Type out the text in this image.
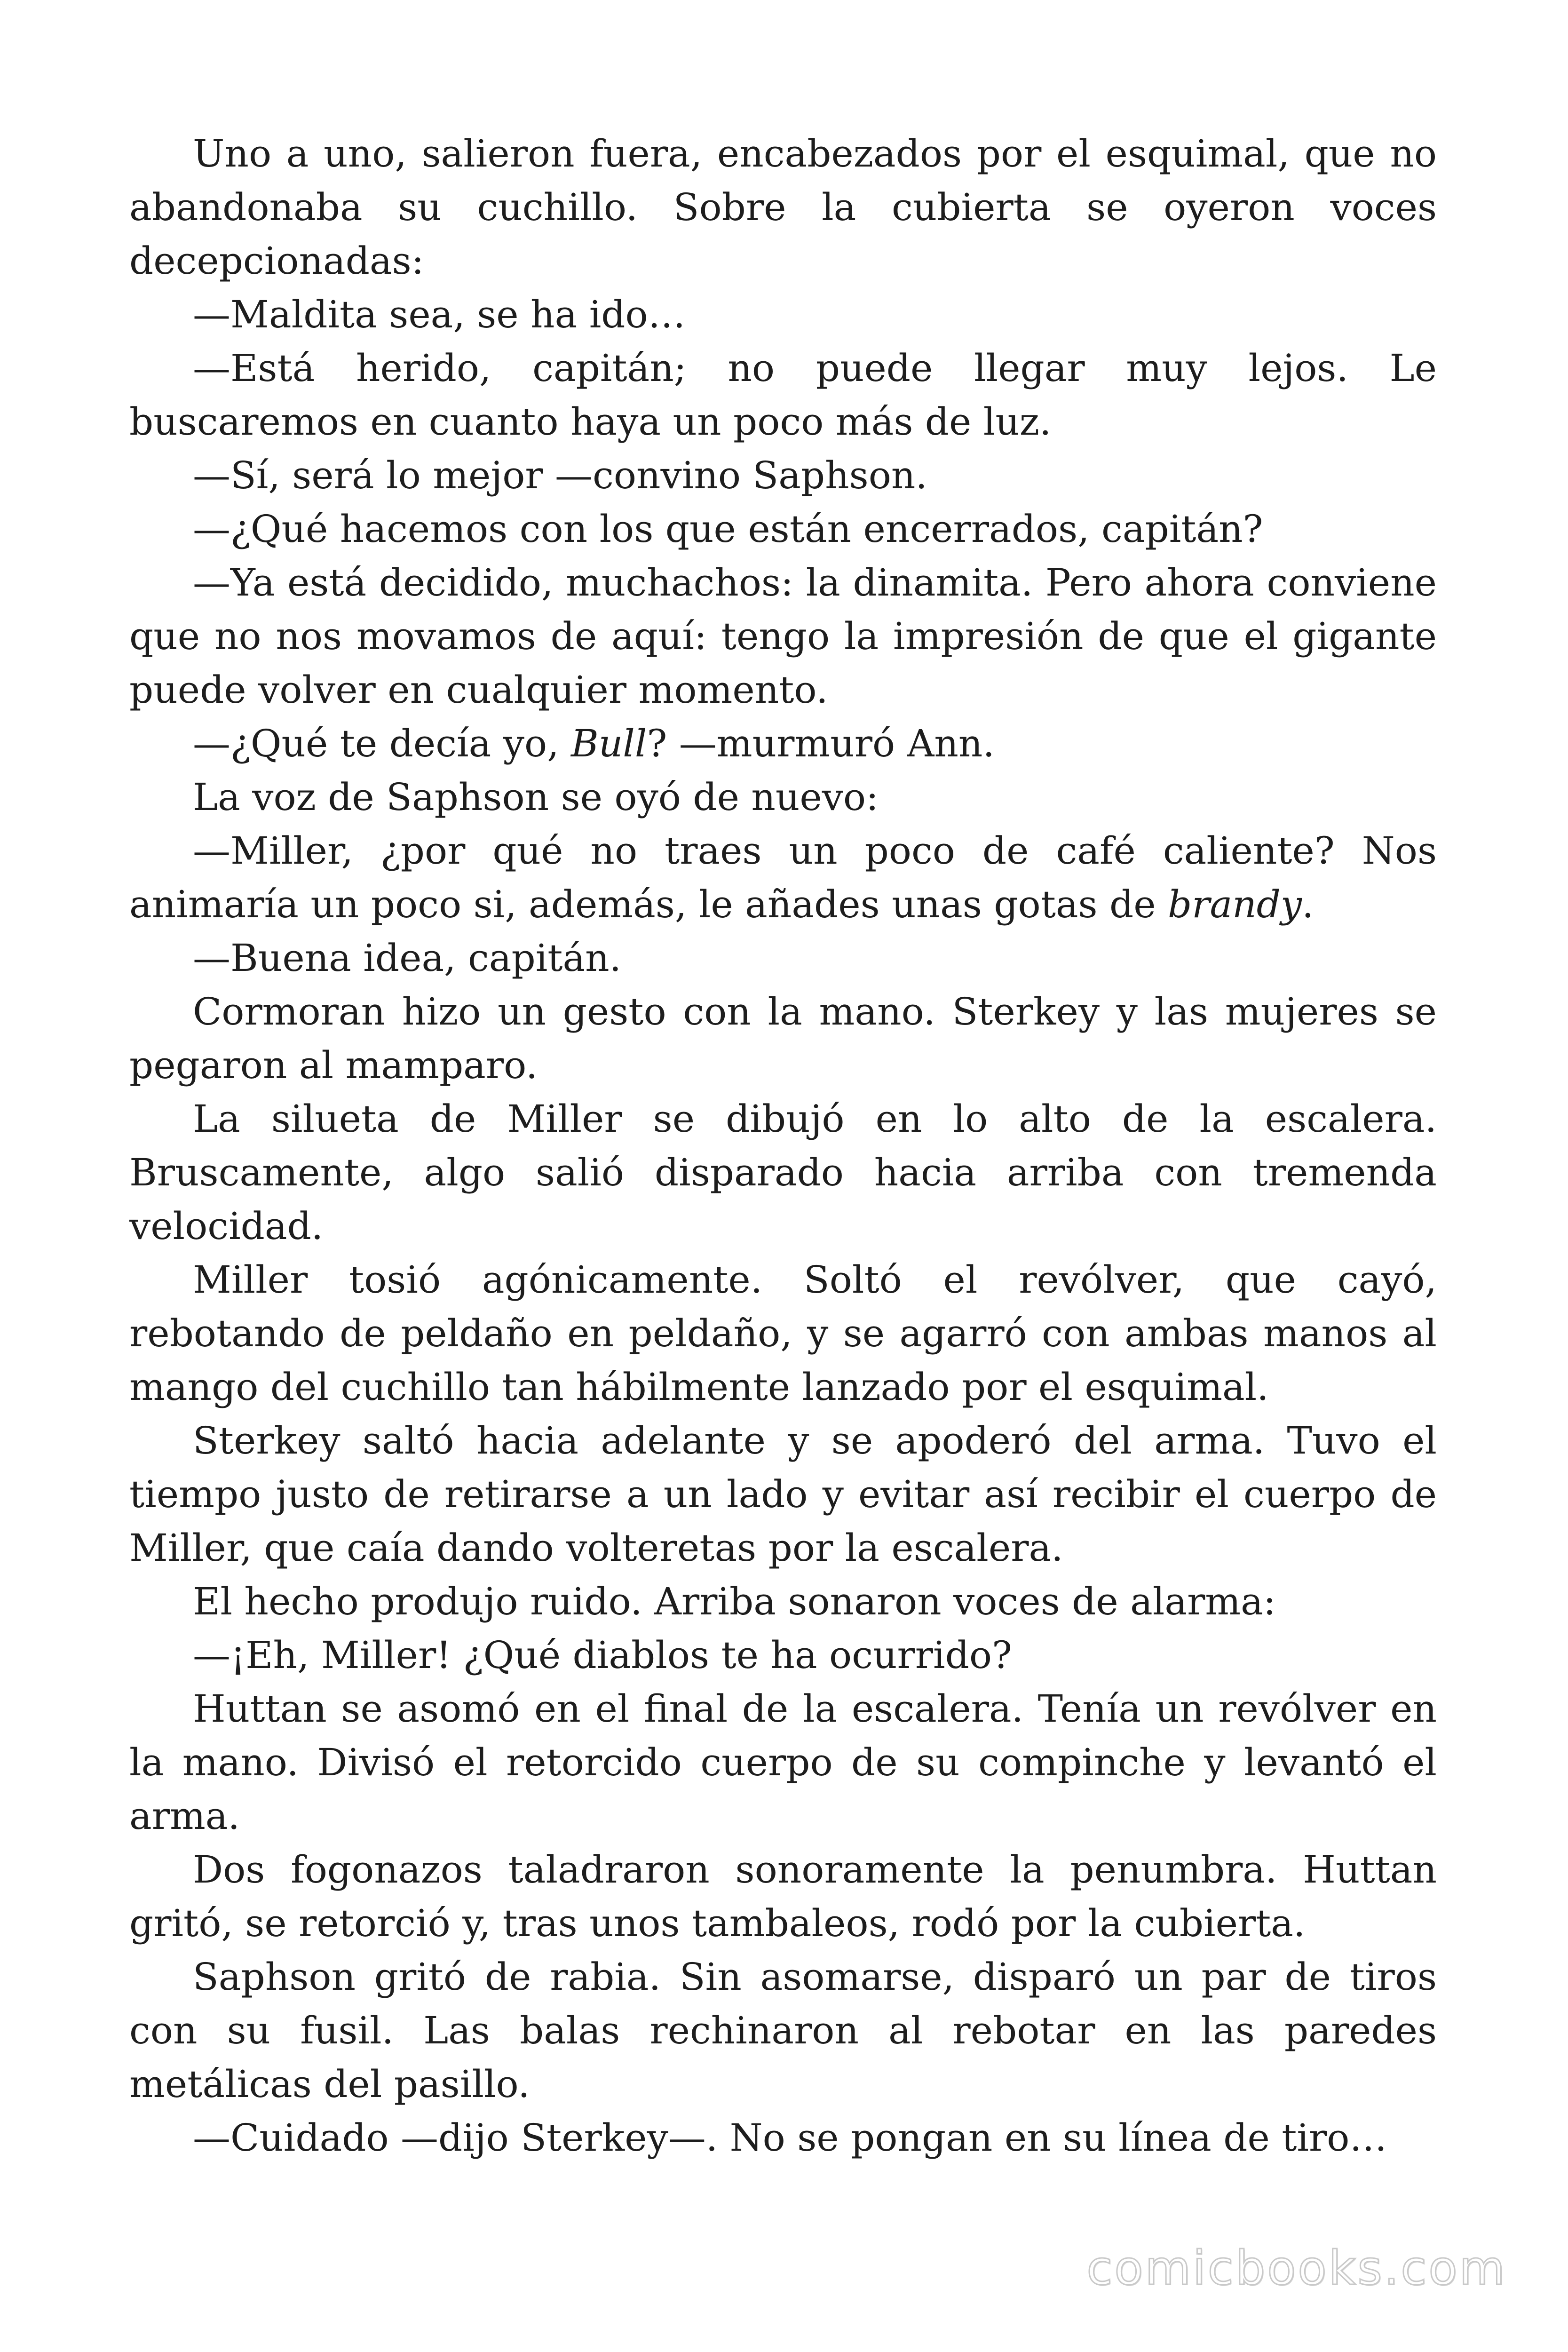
Uno a uno, salieron fuera, encabezados por el esquimal, que no abandonaba su cuchillo. Sobre la cubierta se oyeron voces decepcionadas:

—Maldita sea, se ha ido…

—Está herido, capitán; no puede llegar muy lejos. Le buscaremos en cuanto haya un poco más de luz.

—Sí, será lo mejor —convino Saphson.

—¿Qué hacemos con los que están encerrados, capitán?

—Ya está decidido, muchachos: la dinamita. Pero ahora conviene que no nos movamos de aquí: tengo la impresión de que el gigante puede volver en cualquier momento.

—¿Qué te decía yo, Bull? —murmuró Ann.

La voz de Saphson se oyó de nuevo:

—Miller, ¿por qué no traes un poco de café caliente? Nos animaría un poco si, además, le añades unas gotas de brandy.

—Buena idea, capitán.

Cormoran hizo un gesto con la mano. Sterkey y las mujeres se pegaron al mamparo.

La silueta de Miller se dibujó en lo alto de la escalera. Bruscamente, algo salió disparado hacia arriba con tremenda velocidad.

Miller tosió agónicamente. Soltó el revólver, que cayó, rebotando de peldaño en peldaño, y se agarró con ambas manos al mango del cuchillo tan hábilmente lanzado por el esquimal.

Sterkey saltó hacia adelante y se apoderó del arma. Tuvo el tiempo justo de retirarse a un lado y evitar así recibir el cuerpo de Miller, que caía dando volteretas por la escalera.

El hecho produjo ruido. Arriba sonaron voces de alarma:

—¡Eh, Miller! ¿Qué diablos te ha ocurrido?

Huttan se asomó en el final de la escalera. Tenía un revólver en la mano. Divisó el retorcido cuerpo de su compinche y levantó el arma.

Dos fogonazos taladraron sonoramente la penumbra. Huttan gritó, se retorció y, tras unos tambaleos, rodó por la cubierta.

Saphson gritó de rabia. Sin asomarse, disparó un par de tiros con su fusil. Las balas rechinaron al rebotar en las paredes metálicas del pasillo.

—Cuidado —dijo Sterkey—. No se pongan en su línea de tiro…

comicbooks.com
